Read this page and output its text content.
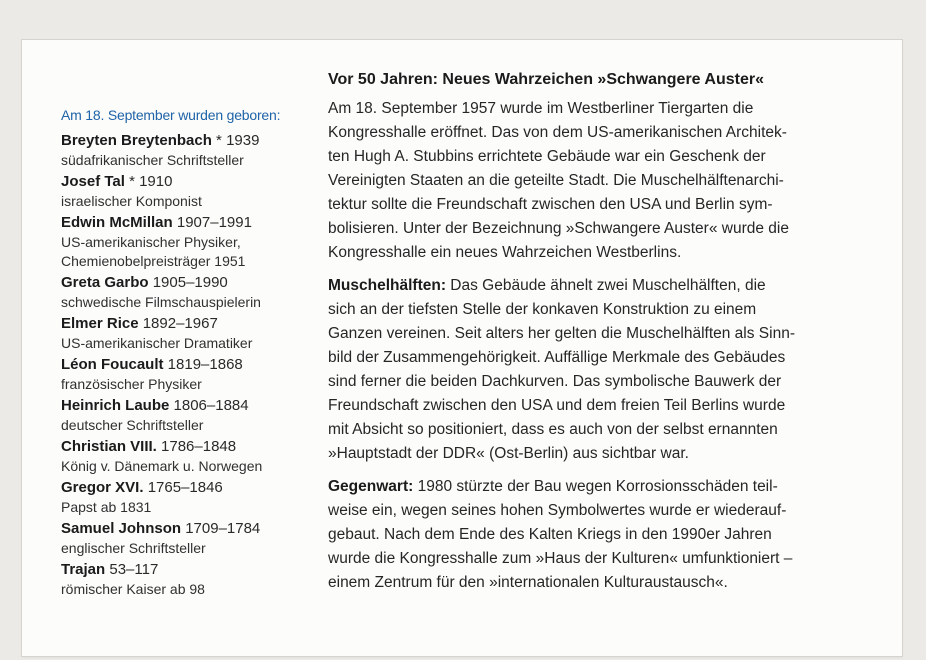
Am 18. September wurden geboren:
Breyten Breytenbach * 1939
südafrikanischer Schriftsteller
Josef Tal * 1910
israelischer Komponist
Edwin McMillan 1907–1991
US-amerikanischer Physiker,
Chemienobelpreisträger 1951
Greta Garbo 1905–1990
schwedische Filmschauspielerin
Elmer Rice 1892–1967
US-amerikanischer Dramatiker
Léon Foucault 1819–1868
französischer Physiker
Heinrich Laube 1806–1884
deutscher Schriftsteller
Christian VIII. 1786–1848
König v. Dänemark u. Norwegen
Gregor XVI. 1765–1846
Papst ab 1831
Samuel Johnson 1709–1784
englischer Schriftsteller
Trajan 53–117
römischer Kaiser ab 98
Vor 50 Jahren: Neues Wahrzeichen »Schwangere Auster«
Am 18. September 1957 wurde im Westberliner Tiergarten die
Kongresshalle eröffnet. Das von dem US-amerikanischen Architek-
ten Hugh A. Stubbins errichtete Gebäude war ein Geschenk der
Vereinigten Staaten an die geteilte Stadt. Die Muschelhälftenarchi-
tektur sollte die Freundschaft zwischen den USA und Berlin sym-
bolisieren. Unter der Bezeichnung »Schwangere Auster« wurde die
Kongresshalle ein neues Wahrzeichen Westberlins.
Muschelhälften: Das Gebäude ähnelt zwei Muschelhälften, die
sich an der tiefsten Stelle der konkaven Konstruktion zu einem
Ganzen vereinen. Seit alters her gelten die Muschelhälften als Sinn-
bild der Zusammengehörigkeit. Auffällige Merkmale des Gebäudes
sind ferner die beiden Dachkurven. Das symbolische Bauwerk der
Freundschaft zwischen den USA und dem freien Teil Berlins wurde
mit Absicht so positioniert, dass es auch von der selbst ernannten
»Hauptstadt der DDR« (Ost-Berlin) aus sichtbar war.
Gegenwart: 1980 stürzte der Bau wegen Korrosionsschäden teil-
weise ein, wegen seines hohen Symbolwertes wurde er wiederauf-
gebaut. Nach dem Ende des Kalten Kriegs in den 1990er Jahren
wurde die Kongresshalle zum »Haus der Kulturen« umfunktioniert –
einem Zentrum für den »internationalen Kulturaustausch«.
